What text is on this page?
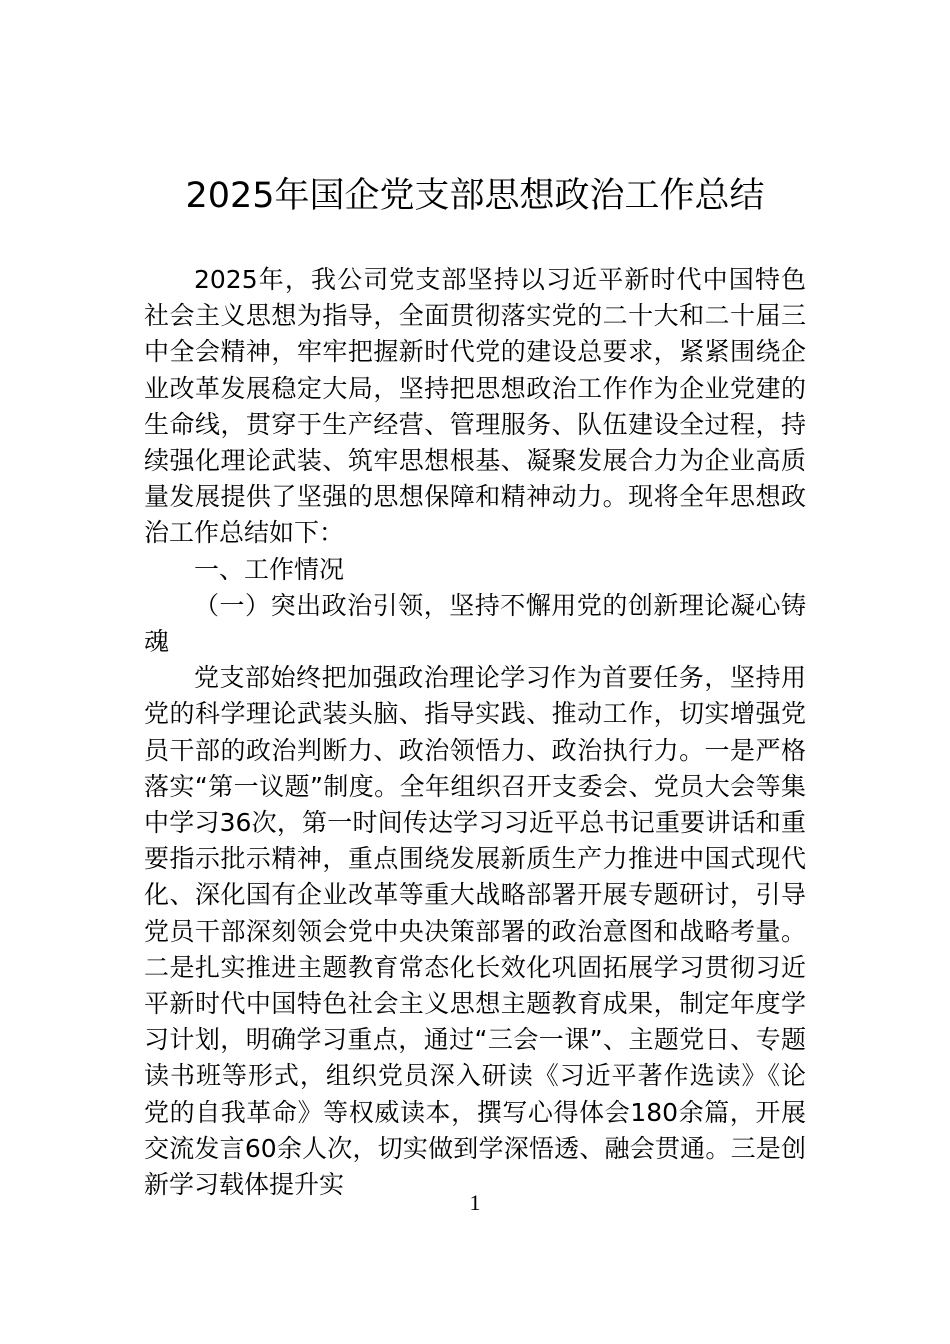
2025年国企党支部思想政治工作总结

2025年，我公司党支部坚持以习近平新时代中国特色社会主义思想为指导，全面贯彻落实党的二十大和二十届三中全会精神，牢牢把握新时代党的建设总要求，紧紧围绕企业改革发展稳定大局，坚持把思想政治工作作为企业党建的生命线，贯穿于生产经营、管理服务、队伍建设全过程，持续强化理论武装、筑牢思想根基、凝聚发展合力为企业高质量发展提供了坚强的思想保障和精神动力。现将全年思想政治工作总结如下：

一、工作情况

（一）突出政治引领，坚持不懈用党的创新理论凝心铸魂

党支部始终把加强政治理论学习作为首要任务，坚持用党的科学理论武装头脑、指导实践、推动工作，切实增强党员干部的政治判断力、政治领悟力、政治执行力。一是严格落实“第一议题”制度。全年组织召开支委会、党员大会等集中学习36次，第一时间传达学习习近平总书记重要讲话和重要指示批示精神，重点围绕发展新质生产力推进中国式现代化、深化国有企业改革等重大战略部署开展专题研讨，引导党员干部深刻领会党中央决策部署的政治意图和战略考量。二是扎实推进主题教育常态化长效化巩固拓展学习贯彻习近平新时代中国特色社会主义思想主题教育成果，制定年度学习计划，明确学习重点，通过“三会一课”、主题党日、专题读书班等形式，组织党员深入研读《习近平著作选读》《论党的自我革命》等权威读本，撰写心得体会180余篇，开展交流发言60余人次，切实做到学深悟透、融会贯通。三是创新学习载体提升实

1
